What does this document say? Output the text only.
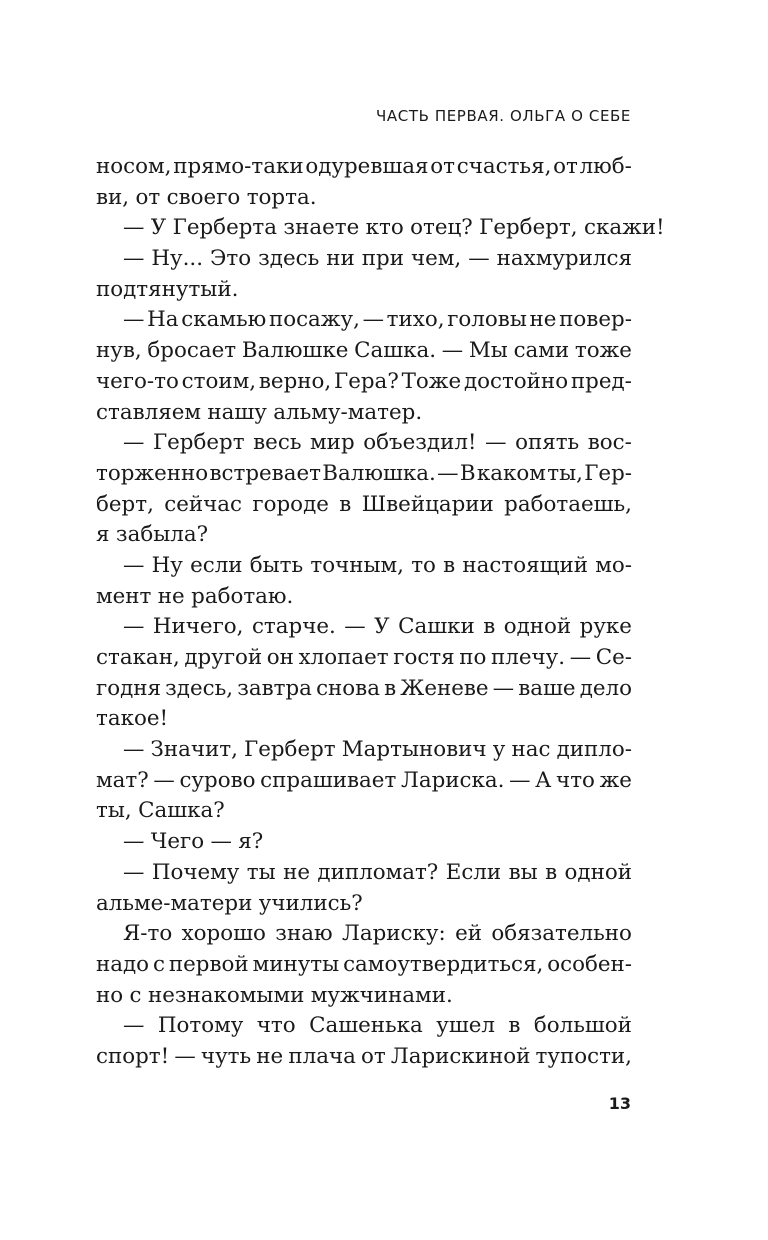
ЧАСТЬ ПЕРВАЯ. ОЛЬГА О СЕБЕ
носом, прямо-таки одуревшая от счастья, от люб-
ви, от своего торта.
— У Герберта знаете кто отец? Герберт, скажи!
— Ну... Это здесь ни при чем, — нахмурился
подтянутый.
— На скамью посажу, — тихо, головы не повер-
нув, бросает Валюшке Сашка. — Мы сами тоже
чего-то стоим, верно, Гера? Тоже достойно пред-
ставляем нашу альму-матер.
— Герберт весь мир объездил! — опять вос-
торженно встревает Валюшка. — В каком ты, Гер-
берт, сейчас городе в Швейцарии работаешь,
я забыла?
— Ну если быть точным, то в настоящий мо-
мент не работаю.
— Ничего, старче. — У Сашки в одной руке
стакан, другой он хлопает гостя по плечу. — Се-
годня здесь, завтра снова в Женеве — ваше дело
такое!
— Значит, Герберт Мартынович у нас дипло-
мат? — сурово спрашивает Лариска. — А что же
ты, Сашка?
— Чего — я?
— Почему ты не дипломат? Если вы в одной
альме-матери учились?
Я-то хорошо знаю Лариску: ей обязательно
надо с первой минуты самоутвердиться, особен-
но с незнакомыми мужчинами.
— Потому что Сашенька ушел в большой
спорт! — чуть не плача от Ларискиной тупости,
13
